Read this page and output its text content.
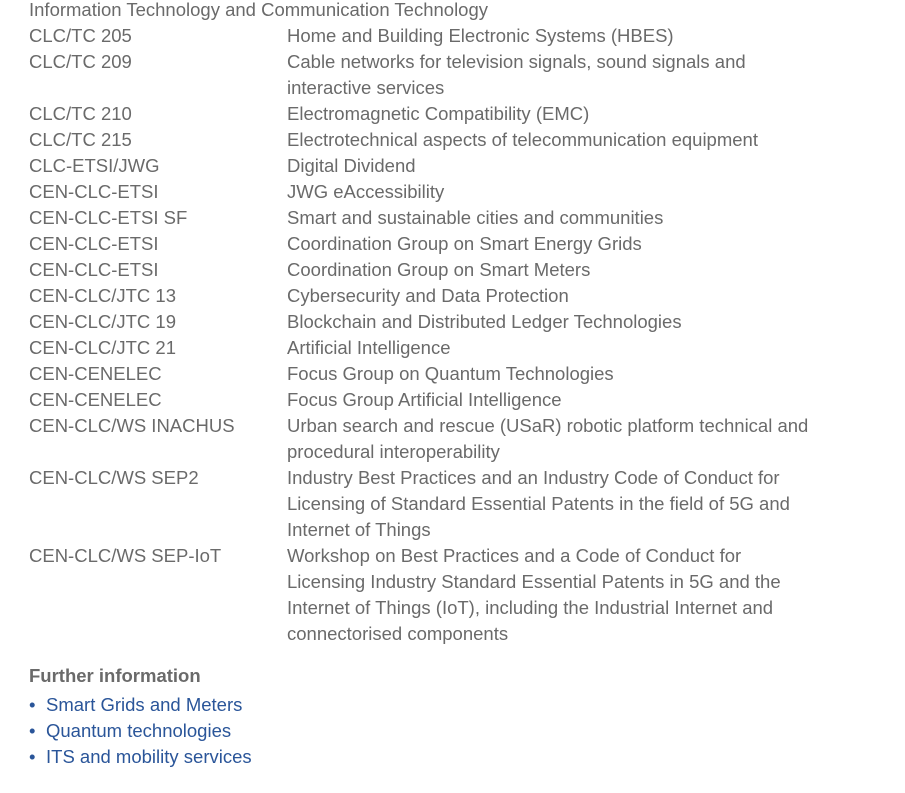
Information Technology and Communication Technology
CLC/TC 205	Home and Building Electronic Systems (HBES)
CLC/TC 209	Cable networks for television signals, sound signals and
interactive services
CLC/TC 210	Electromagnetic Compatibility (EMC)
CLC/TC 215	Electrotechnical aspects of telecommunication equipment
CLC-ETSI/JWG	Digital Dividend
CEN-CLC-ETSI	JWG eAccessibility
CEN-CLC-ETSI SF	Smart and sustainable cities and communities
CEN-CLC-ETSI	Coordination Group on Smart Energy Grids
CEN-CLC-ETSI	Coordination Group on Smart Meters
CEN-CLC/JTC 13	Cybersecurity and Data Protection
CEN-CLC/JTC 19	Blockchain and Distributed Ledger Technologies
CEN-CLC/JTC 21	Artificial Intelligence
CEN-CENELEC	Focus Group on Quantum Technologies
CEN-CENELEC	Focus Group Artificial Intelligence
CEN-CLC/WS INACHUS	Urban search and rescue (USaR) robotic platform technical and
procedural interoperability
CEN-CLC/WS SEP2	Industry Best Practices and an Industry Code of Conduct for
Licensing of Standard Essential Patents in the field of 5G and
Internet of Things
CEN-CLC/WS SEP-IoT	Workshop on Best Practices and a Code of Conduct for
Licensing Industry Standard Essential Patents in 5G and the
Internet of Things (IoT), including the Industrial Internet and
connectorised components
Further information
• Smart Grids and Meters
• Quantum technologies
• ITS and mobility services
